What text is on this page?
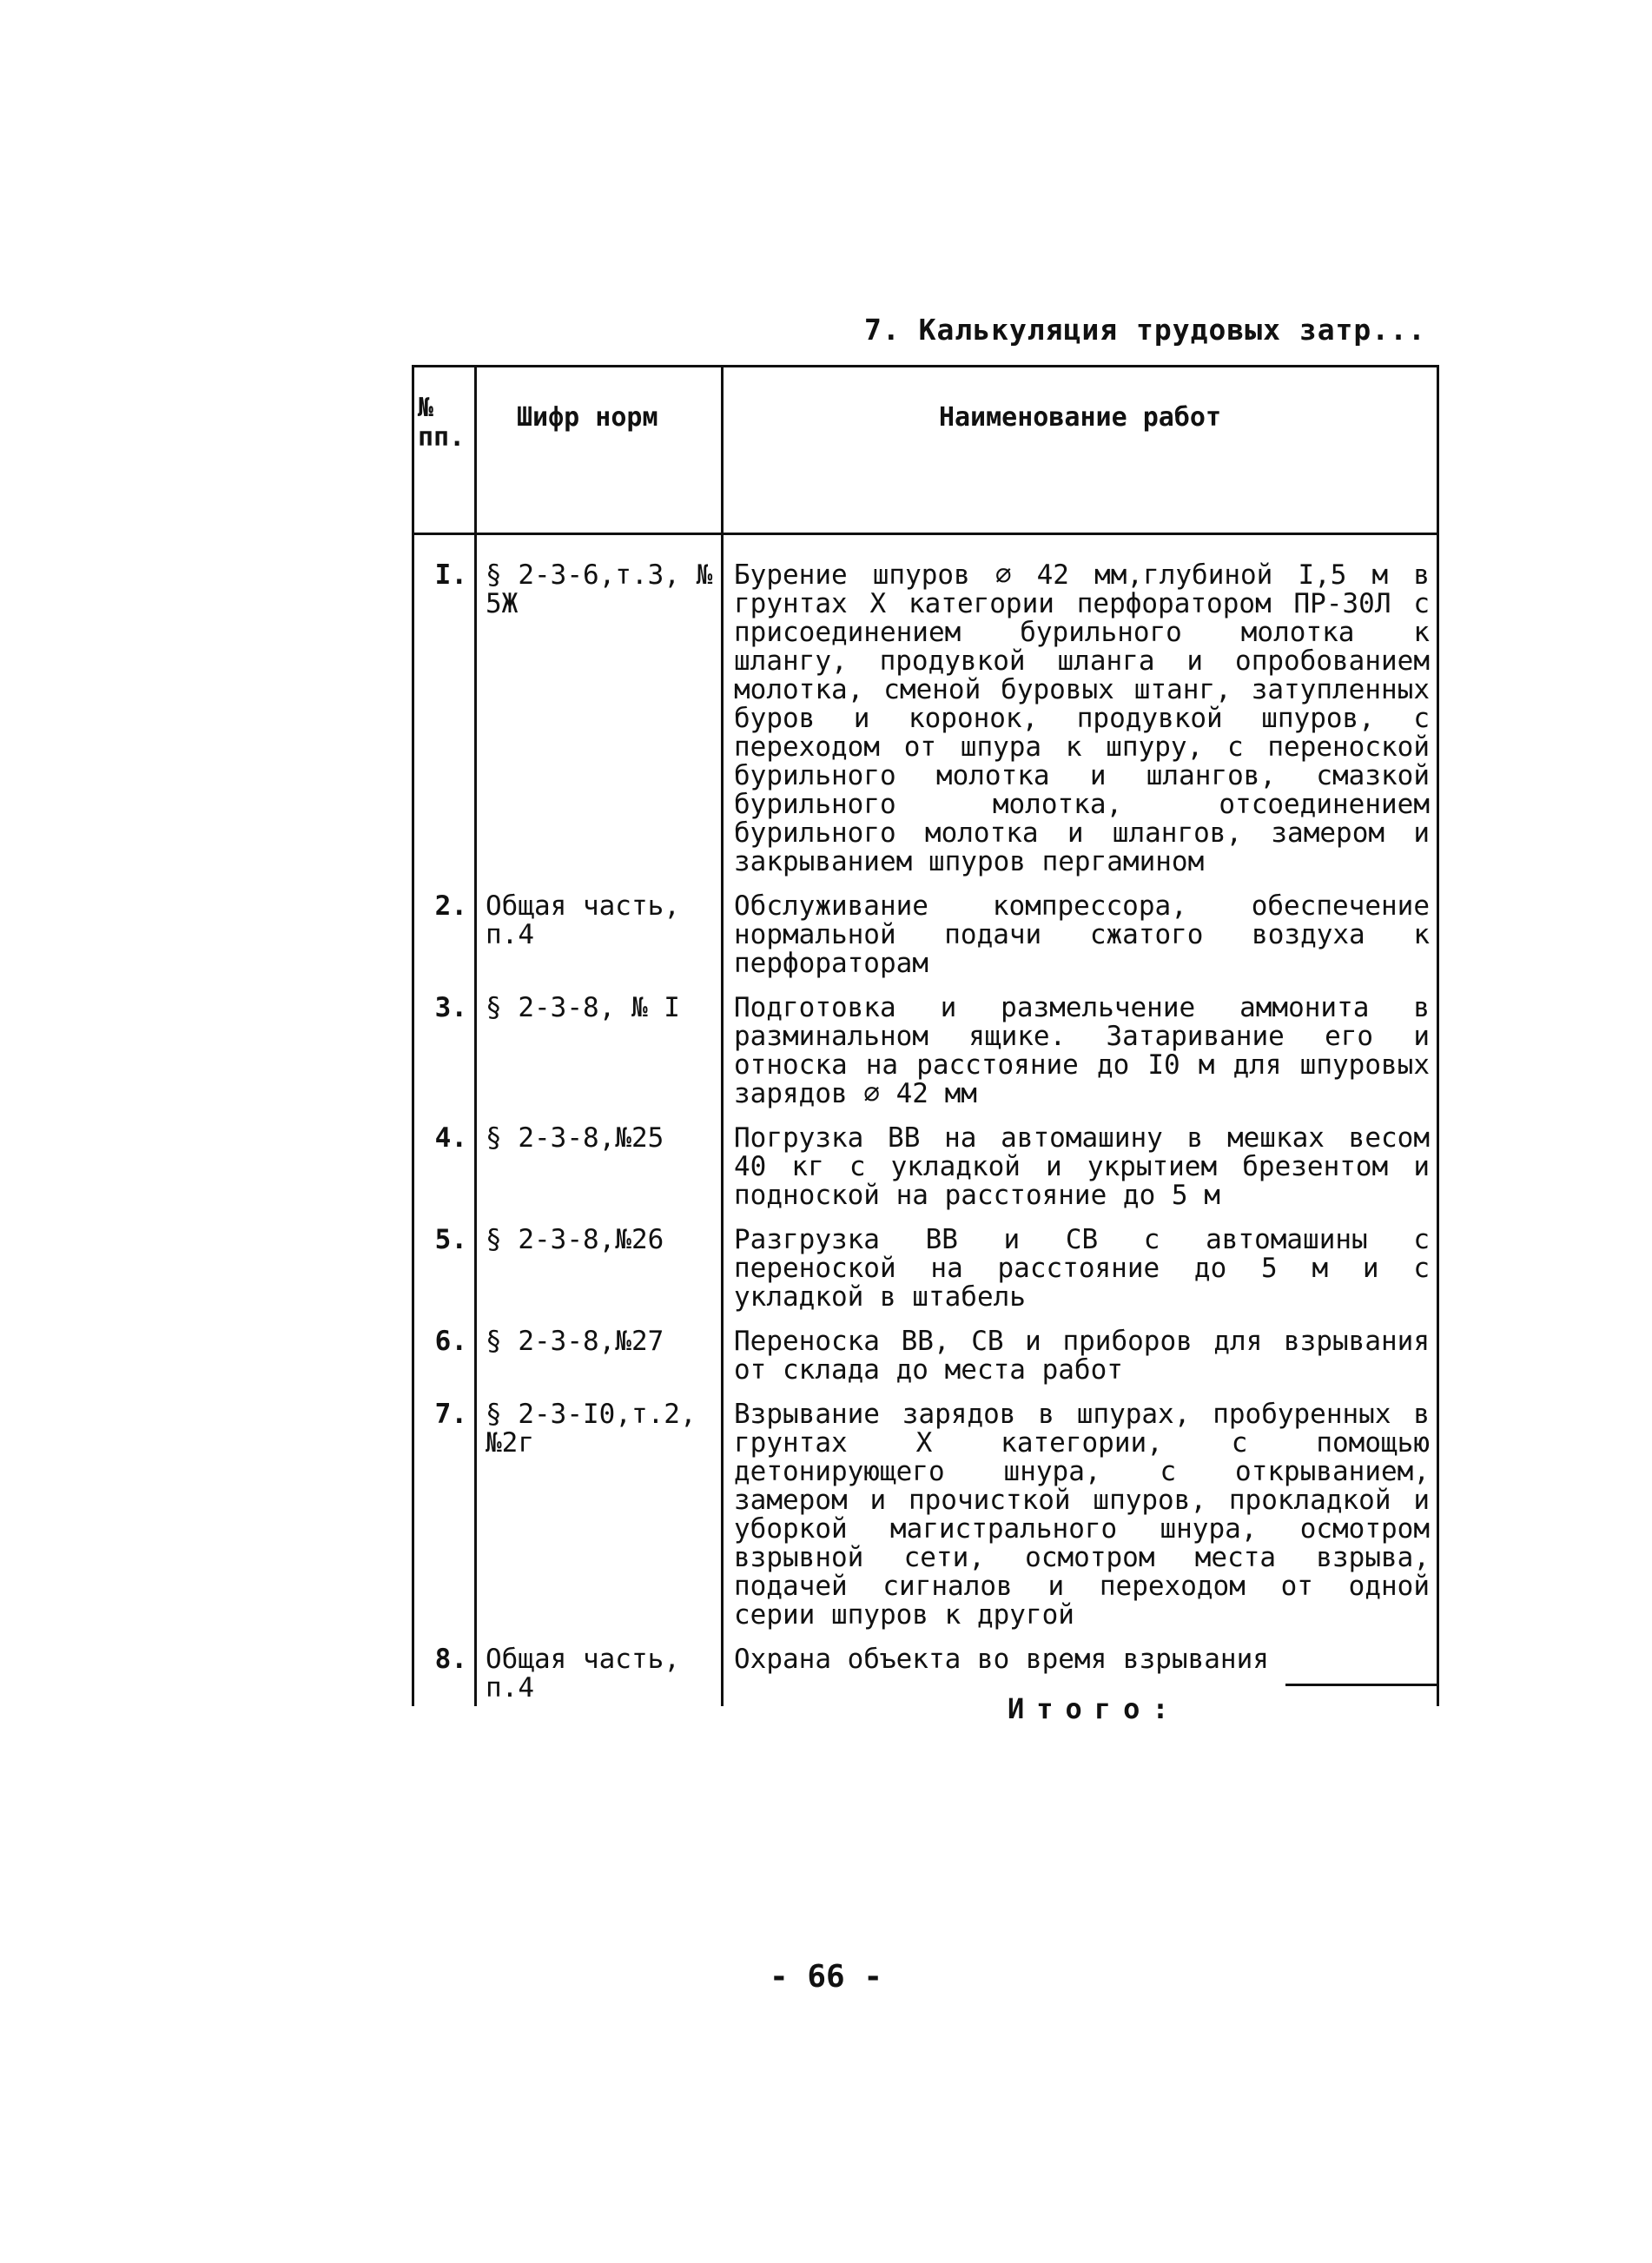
7. Калькуляция трудовых затр...
№ пп.	Шифр норм	Наименование работ

I.	§ 2-3-6,т.3, № 5Ж	Бурение шпуров ∅ 42 мм,глубиной I,5 м в грунтах Х категории перфоратором ПР-30Л с присоединением бурильного молотка к шлангу, продувкой шланга и опробованием молотка, сменой буровых штанг, затупленных буров и коронок, продувкой шпуров, с переходом от шпура к шпуру, с переноской бурильного молотка и шлангов, смазкой бурильного молотка, отсоединением бурильного молотка и шлангов, замером и закрыванием шпуров пергамином
2.	Общая часть, п.4	Обслуживание компрессора, обеспечение нормальной подачи сжатого воздуха к перфораторам
3.	§ 2-3-8, № I	Подготовка и размельчение аммонита в разминальном ящике. Затаривание его и относка на расстояние до I0 м для шпуровых зарядов ∅ 42 мм
4.	§ 2-3-8,№25	Погрузка ВВ на автомашину в мешках весом 40 кг с укладкой и укрытием брезентом и подноской на расстояние до 5 м
5.	§ 2-3-8,№26	Разгрузка ВВ и СВ с автомашины с переноской на расстояние до 5 м и с укладкой в штабель
6.	§ 2-3-8,№27	Переноска ВВ, СВ и приборов для взрывания от склада до места работ
7.	§ 2-3-I0,т.2, №2г	Взрывание зарядов в шпурах, пробуренных в грунтах Х категории, с помощью детонирующего шнура, с открыванием, замером и прочисткой шпуров, прокладкой и уборкой магистрального шнура, осмотром взрывной сети, осмотром места взрыва, подачей сигналов и переходом от одной серии шпуров к другой
8.	Общая часть, п.4	Охрана объекта во время взрывания
Итого:
- 66 -
